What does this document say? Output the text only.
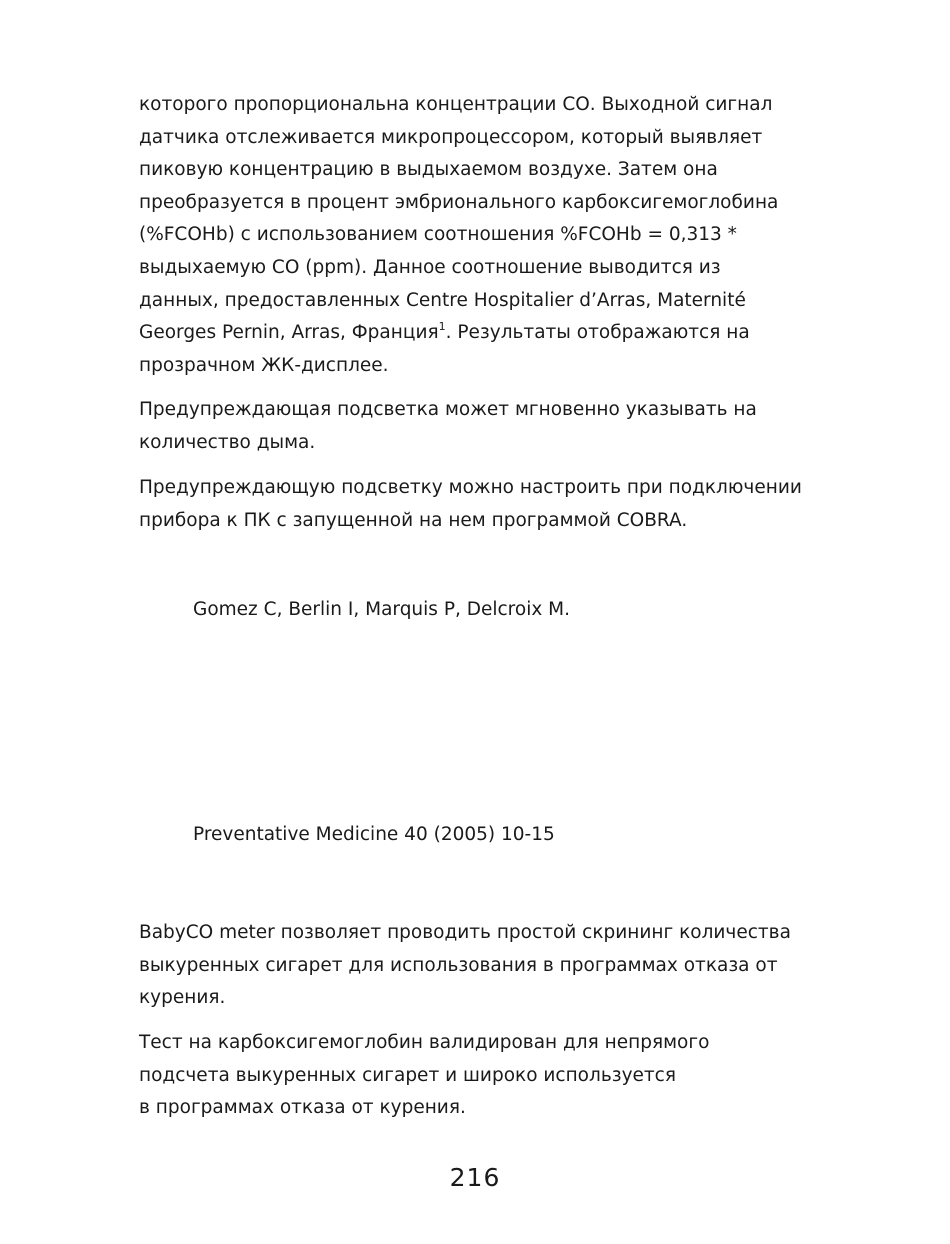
которого пропорциональна концентрации СО. Выходной сигнал
датчика отслеживается микропроцессором, который выявляет
пиковую концентрацию в выдыхаемом воздухе. Затем она
преобразуется в процент эмбрионального карбоксигемоглобина
(%FCOHb) с использованием соотношения %FCOHb = 0,313 *
выдыхаемую СО (ppm). Данное соотношение выводится из
данных, предоставленных Centre Hospitalier d’Arras, Maternité
Georges Pernin, Arras, Франция$^1$. Результаты отображаются на
прозрачном ЖК-дисплее.

Предупреждающая подсветка может мгновенно указывать на
количество дыма.

Предупреждающую подсветку можно настроить при подключении
прибора к ПК с запущенной на нем программой COBRA.

Gomez C, Berlin I, Marquis P, Delcroix M.

Preventative Medicine 40 (2005) 10-15

BabyCO meter позволяет проводить простой скрининг количества
выкуренных сигарет для использования в программах отказа от
курения.

Тест на карбоксигемоглобин валидирован для непрямого
подсчета выкуренных сигарет и широко используется
в программах отказа от курения.

216
